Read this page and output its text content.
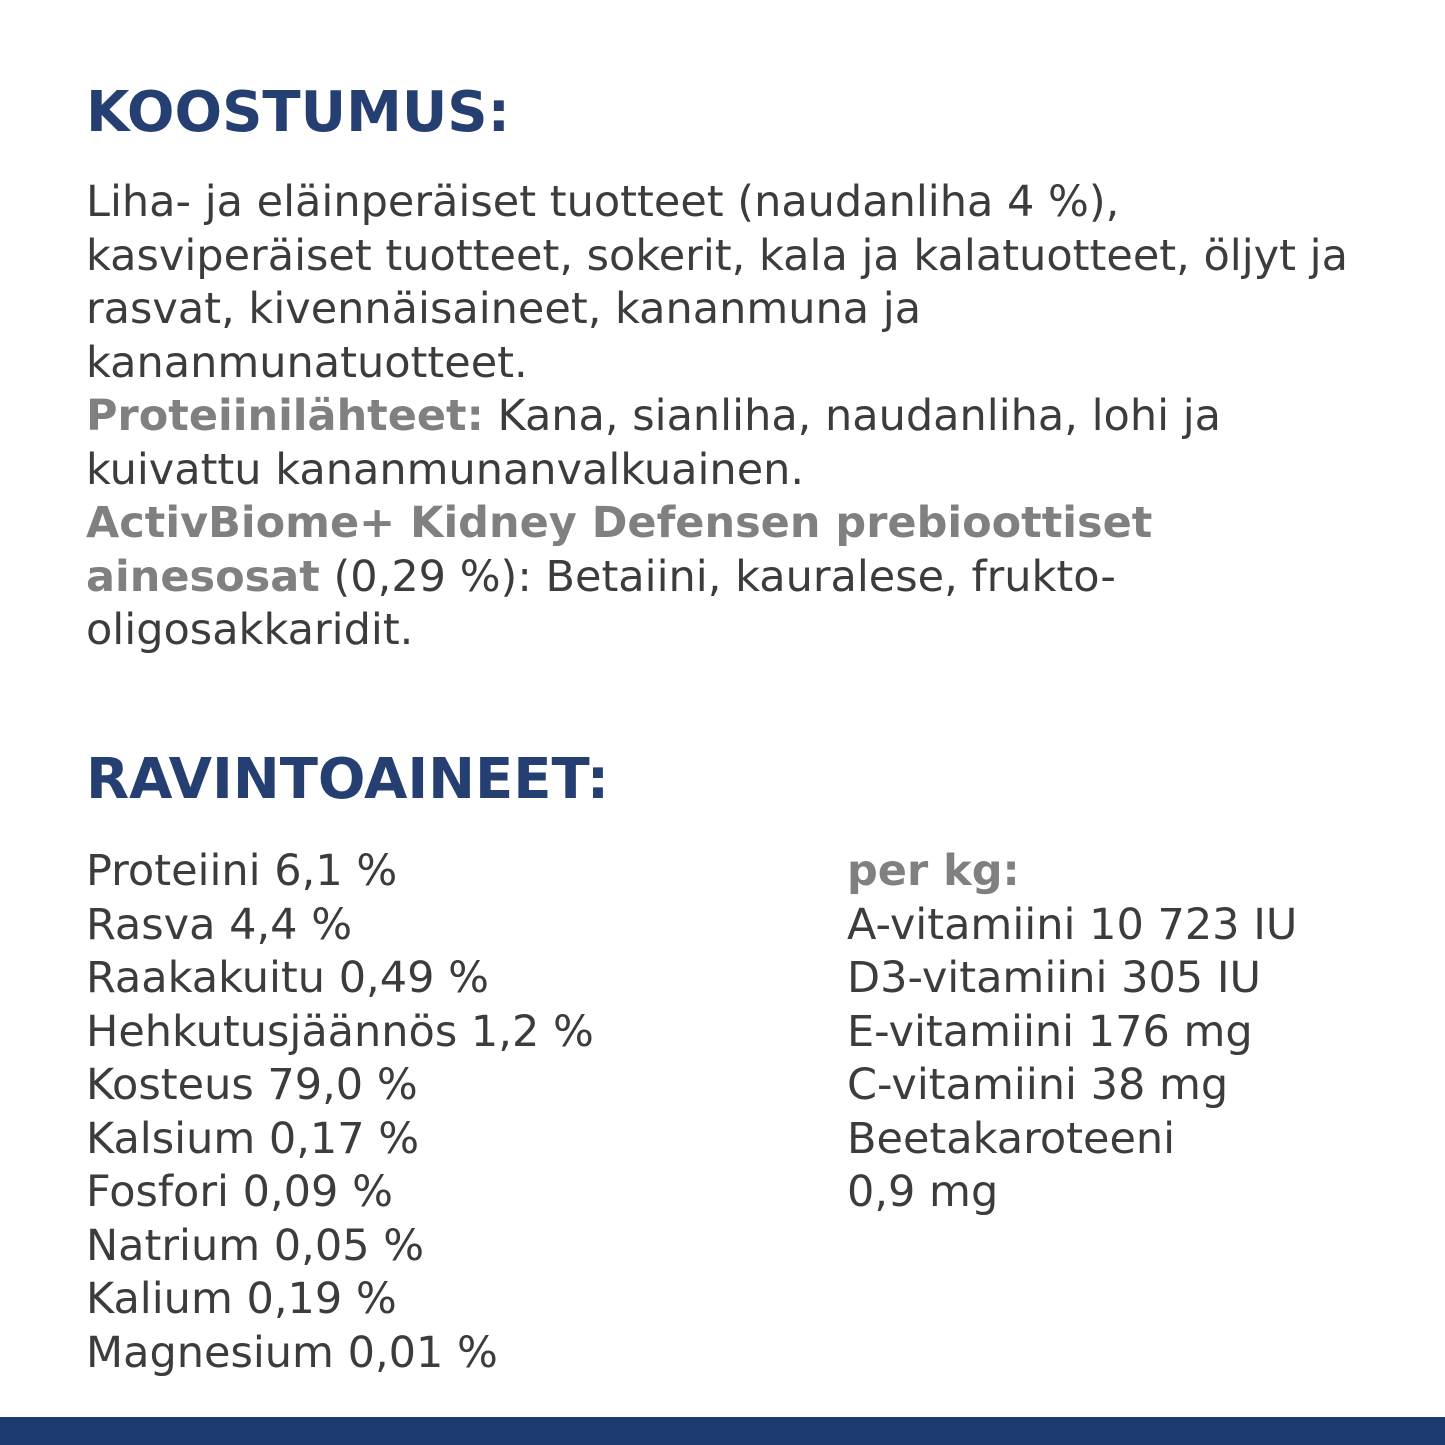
KOOSTUMUS:

Liha- ja eläinperäiset tuotteet (naudanliha 4 %), kasviperäiset tuotteet, sokerit, kala ja kalatuotteet, öljyt ja rasvat, kivennäisaineet, kananmuna ja kananmunatuotteet.

Proteiinilähteet: Kana, sianliha, naudanliha, lohi ja kuivattu kananmunanvalkuainen.

ActivBiome+ Kidney Defensen prebioottiset ainesosat (0,29 %): Betaiini, kauralese, frukto-oligosakkaridit.

RAVINTOAINEET:
Proteiini 6,1 %
Rasva 4,4 %
Raakakuitu 0,49 %
Hehkutusjäännös 1,2 %
Kosteus 79,0 %
Kalsium 0,17 %
Fosfori 0,09 %
Natrium 0,05 %
Kalium 0,19 %
Magnesium 0,01 %
per kg:
A-vitamiini 10 723 IU
D3-vitamiini 305 IU
E-vitamiini 176 mg
C-vitamiini 38 mg
Beetakaroteeni
0,9 mg
